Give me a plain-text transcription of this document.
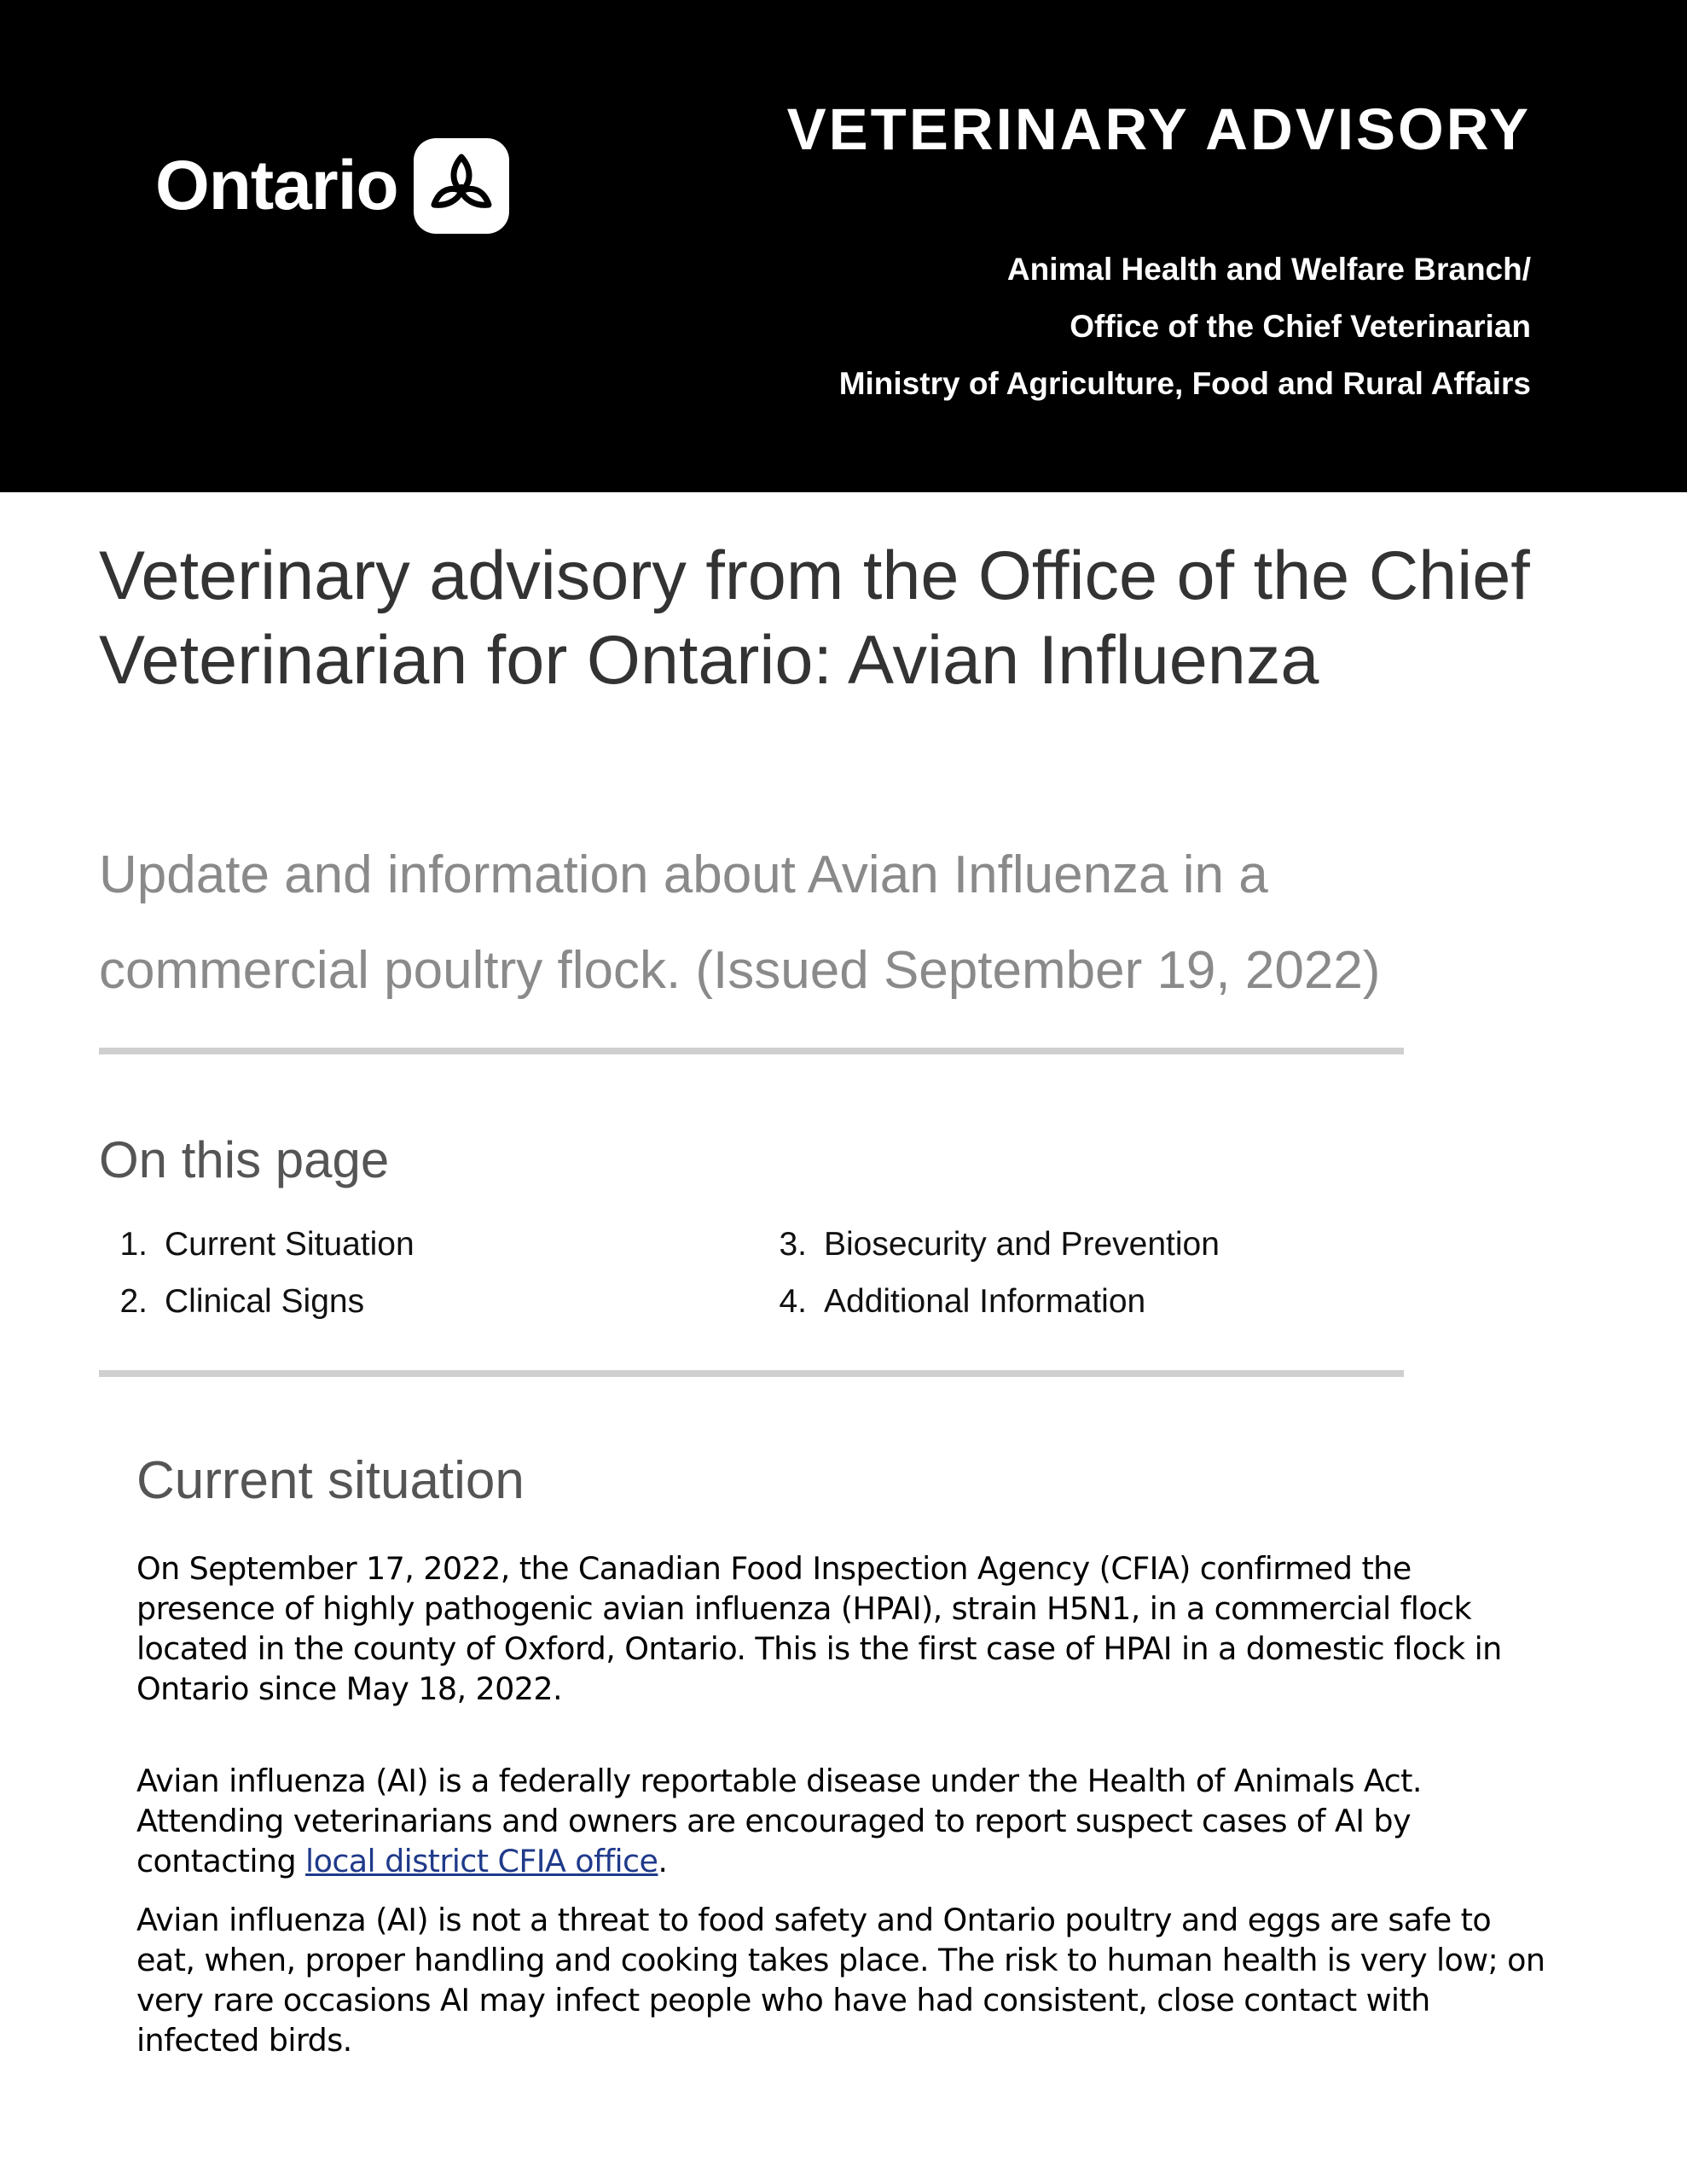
Ontario
VETERINARY ADVISORY
Animal Health and Welfare Branch/
Office of the Chief Veterinarian
Ministry of Agriculture, Food and Rural Affairs
Veterinary advisory from the Office of the Chief Veterinarian for Ontario: Avian Influenza

Update and information about Avian Influenza in a commercial poultry flock. (Issued September 19, 2022)

On this page
1. Current Situation
2. Clinical Signs
3. Biosecurity and Prevention
4. Additional Information
Current situation

On September 17, 2022, the Canadian Food Inspection Agency (CFIA) confirmed the presence of highly pathogenic avian influenza (HPAI), strain H5N1, in a commercial flock located in the county of Oxford, Ontario. This is the first case of HPAI in a domestic flock in Ontario since May 18, 2022.

Avian influenza (AI) is a federally reportable disease under the Health of Animals Act. Attending veterinarians and owners are encouraged to report suspect cases of AI by contacting local district CFIA office.

Avian influenza (AI) is not a threat to food safety and Ontario poultry and eggs are safe to eat, when, proper handling and cooking takes place. The risk to human health is very low; on very rare occasions AI may infect people who have had consistent, close contact with infected birds.
